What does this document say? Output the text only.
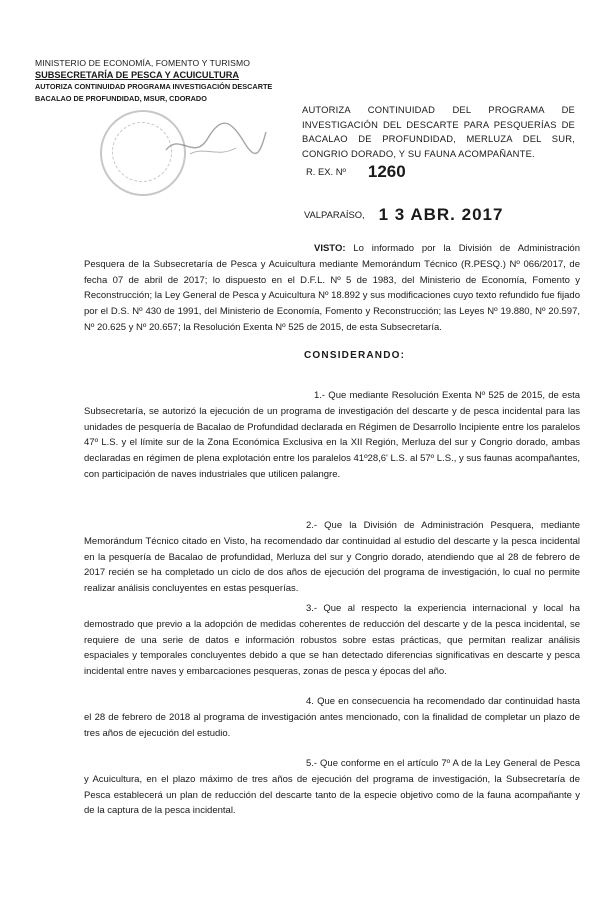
MINISTERIO DE ECONOMÍA, FOMENTO Y TURISMO
SUBSECRETARÍA DE PESCA Y ACUICULTURA
AUTORIZA CONTINUIDAD PROGRAMA INVESTIGACIÓN DESCARTE
BACALAO DE PROFUNDIDAD, MSUR, CDORADO
AUTORIZA CONTINUIDAD DEL PROGRAMA DE INVESTIGACIÓN DEL DESCARTE PARA PESQUERÍAS DE BACALAO DE PROFUNDIDAD, MERLUZA DEL SUR,
CONGRIO DORADO, Y SU FAUNA ACOMPAÑANTE.
R. EX. Nº 1260
VALPARAÍSO, 1 3 ABR. 2017
VISTO: Lo informado por la División de Administración Pesquera de la Subsecretaría de Pesca y Acuicultura mediante Memorándum Técnico (R.PESQ.) Nº 066/2017, de fecha 07 de abril de 2017; lo dispuesto en el D.F.L. Nº 5 de 1983, del Ministerio de Economía, Fomento y Reconstrucción; la Ley General de Pesca y Acuicultura Nº 18.892 y sus modificaciones cuyo texto refundido fue fijado por el D.S. Nº 430 de 1991, del Ministerio de Economía, Fomento y Reconstrucción; las Leyes Nº 19.880, Nº 20.597, Nº 20.625 y Nº 20.657; la Resolución Exenta Nº 525 de 2015, de esta Subsecretaría.
CONSIDERANDO:
1.- Que mediante Resolución Exenta Nº 525 de 2015, de esta Subsecretaría, se autorizó la ejecución de un programa de investigación del descarte y de pesca incidental para las unidades de pesquería de Bacalao de Profundidad declarada en Régimen de Desarrollo Incipiente entre los paralelos 47º L.S. y el límite sur de la Zona Económica Exclusiva en la XII Región, Merluza del sur y Congrio dorado, ambas declaradas en régimen de plena explotación entre los paralelos 41º28,6' L.S. al 57º L.S., y sus faunas acompañantes, con participación de naves industriales que utilicen palangre.
2.- Que la División de Administración Pesquera, mediante Memorándum Técnico citado en Visto, ha recomendado dar continuidad al estudio del descarte y la pesca incidental en la pesquería de Bacalao de profundidad, Merluza del sur y Congrio dorado, atendiendo que al 28 de febrero de 2017 recién se ha completado un ciclo de dos años de ejecución del programa de investigación, lo cual no permite realizar análisis concluyentes en estas pesquerías.
3.- Que al respecto la experiencia internacional y local ha demostrado que previo a la adopción de medidas coherentes de reducción del descarte y de la pesca incidental, se requiere de una serie de datos e información robustos sobre estas prácticas, que permitan realizar análisis espaciales y temporales concluyentes debido a que se han detectado diferencias significativas en descarte y pesca incidental entre naves y embarcaciones pesqueras, zonas de pesca y épocas del año.
4. Que en consecuencia ha recomendado dar continuidad hasta el 28 de febrero de 2018 al programa de investigación antes mencionado, con la finalidad de completar un plazo de tres años de ejecución del estudio.
5.- Que conforme en el artículo 7º A de la Ley General de Pesca y Acuicultura, en el plazo máximo de tres años de ejecución del programa de investigación, la Subsecretaría de Pesca establecerá un plan de reducción del descarte tanto de la especie objetivo como de la fauna acompañante y de la captura de la pesca incidental.
